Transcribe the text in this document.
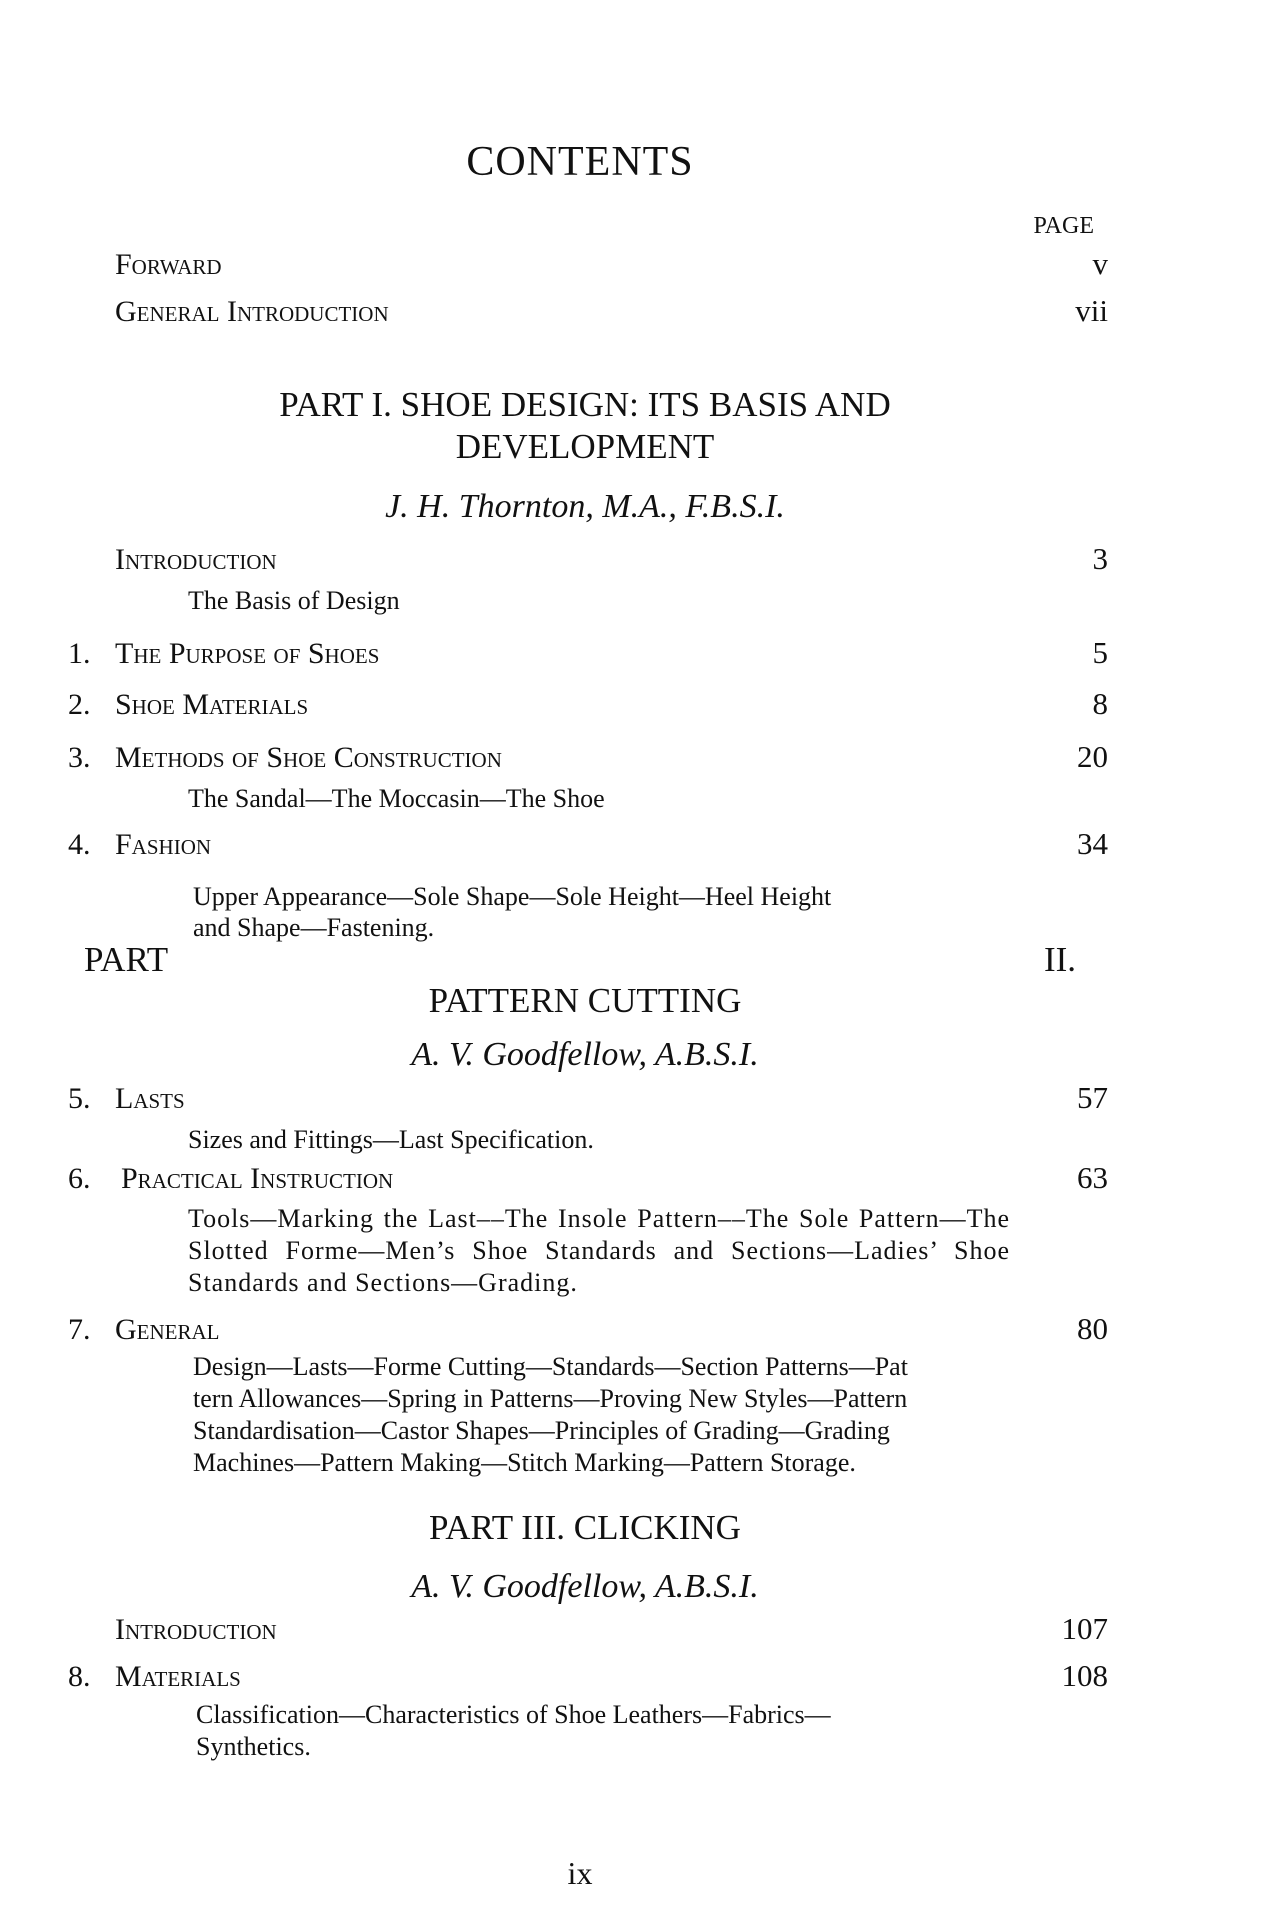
CONTENTS
PAGE
Forward	v
General Introduction	vii
PART I. SHOE DESIGN: ITS BASIS AND
DEVELOPMENT
J. H. Thornton, M.A., F.B.S.I.
Introduction	3
The Basis of Design
1. The Purpose of Shoes	5
2. Shoe Materials	8
3. Methods of Shoe Construction	20
The Sandal—The Moccasin—The Shoe
4. Fashion	34
Upper Appearance—Sole Shape—Sole Height—Heel Height
and Shape—Fastening.
PART	II.
PATTERN CUTTING
A. V. Goodfellow, A.B.S.I.
5. Lasts	57
Sizes and Fittings—Last Specification.
6. Practical Instruction	63
Tools—Marking the Last––The Insole Pattern––The Sole Pattern—The Slotted Forme—Men’s Shoe Standards and Sections—Ladies’ Shoe Standards and Sections—Grading.
7. General	80
Design—Lasts—Forme Cutting—Standards—Section Patterns—Pat
tern Allowances—Spring in Patterns—Proving New Styles—Pattern
Standardisation—Castor Shapes—Principles of Grading—Grading
Machines—Pattern Making—Stitch Marking—Pattern Storage.
PART III. CLICKING
A. V. Goodfellow, A.B.S.I.
Introduction	107
8. Materials	108
Classification—Characteristics of Shoe Leathers—Fabrics—
Synthetics.
ix
